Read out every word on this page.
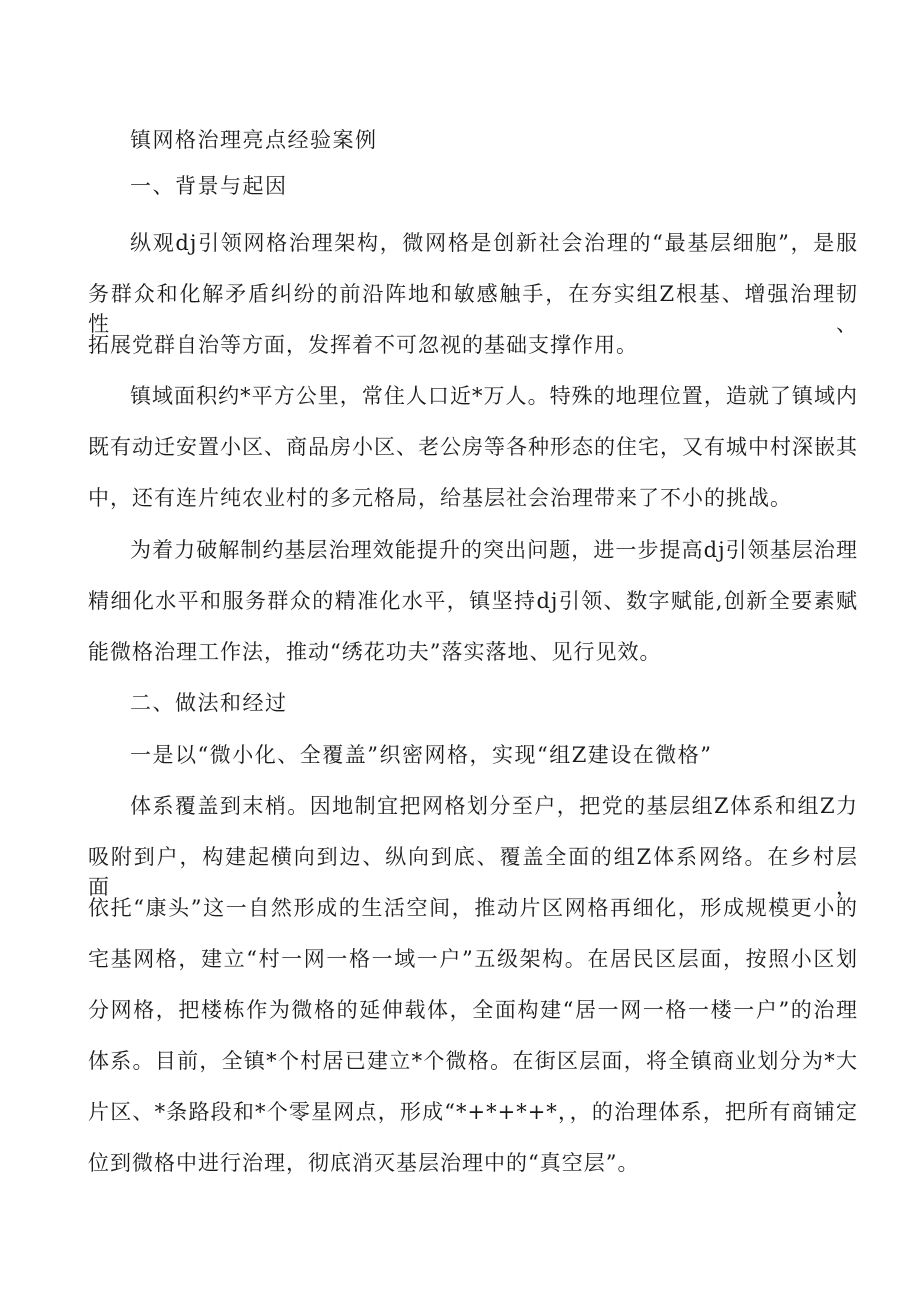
镇网格治理亮点经验案例
一、背景与起因
纵观dj引领网格治理架构，微网格是创新社会治理的“最基层细胞”，是服
务群众和化解矛盾纠纷的前沿阵地和敏感触手，在夯实组Z根基、增强治理韧性、
拓展党群自治等方面，发挥着不可忽视的基础支撑作用。
镇域面积约*平方公里，常住人口近*万人。特殊的地理位置，造就了镇域内
既有动迁安置小区、商品房小区、老公房等各种形态的住宅，又有城中村深嵌其
中，还有连片纯农业村的多元格局，给基层社会治理带来了不小的挑战。
为着力破解制约基层治理效能提升的突出问题，进一步提高dj引领基层治理
精细化水平和服务群众的精准化水平，镇坚持dj引领、数字赋能,创新全要素赋
能微格治理工作法，推动“绣花功夫”落实落地、见行见效。
二、做法和经过
一是以“微小化、全覆盖”织密网格，实现“组Z建设在微格”
体系覆盖到末梢。因地制宜把网格划分至户，把党的基层组Z体系和组Z力
吸附到户，构建起横向到边、纵向到底、覆盖全面的组Z体系网络。在乡村层面，
依托“康头”这一自然形成的生活空间，推动片区网格再细化，形成规模更小的
宅基网格，建立“村一网一格一域一户”五级架构。在居民区层面，按照小区划
分网格，把楼栋作为微格的延伸载体，全面构建“居一网一格一楼一户”的治理
体系。目前，全镇*个村居已建立*个微格。在街区层面，将全镇商业划分为*大
片区、*条路段和*个零星网点，形成“*+*+*+*，，的治理体系，把所有商铺定
位到微格中进行治理，彻底消灭基层治理中的“真空层”。
